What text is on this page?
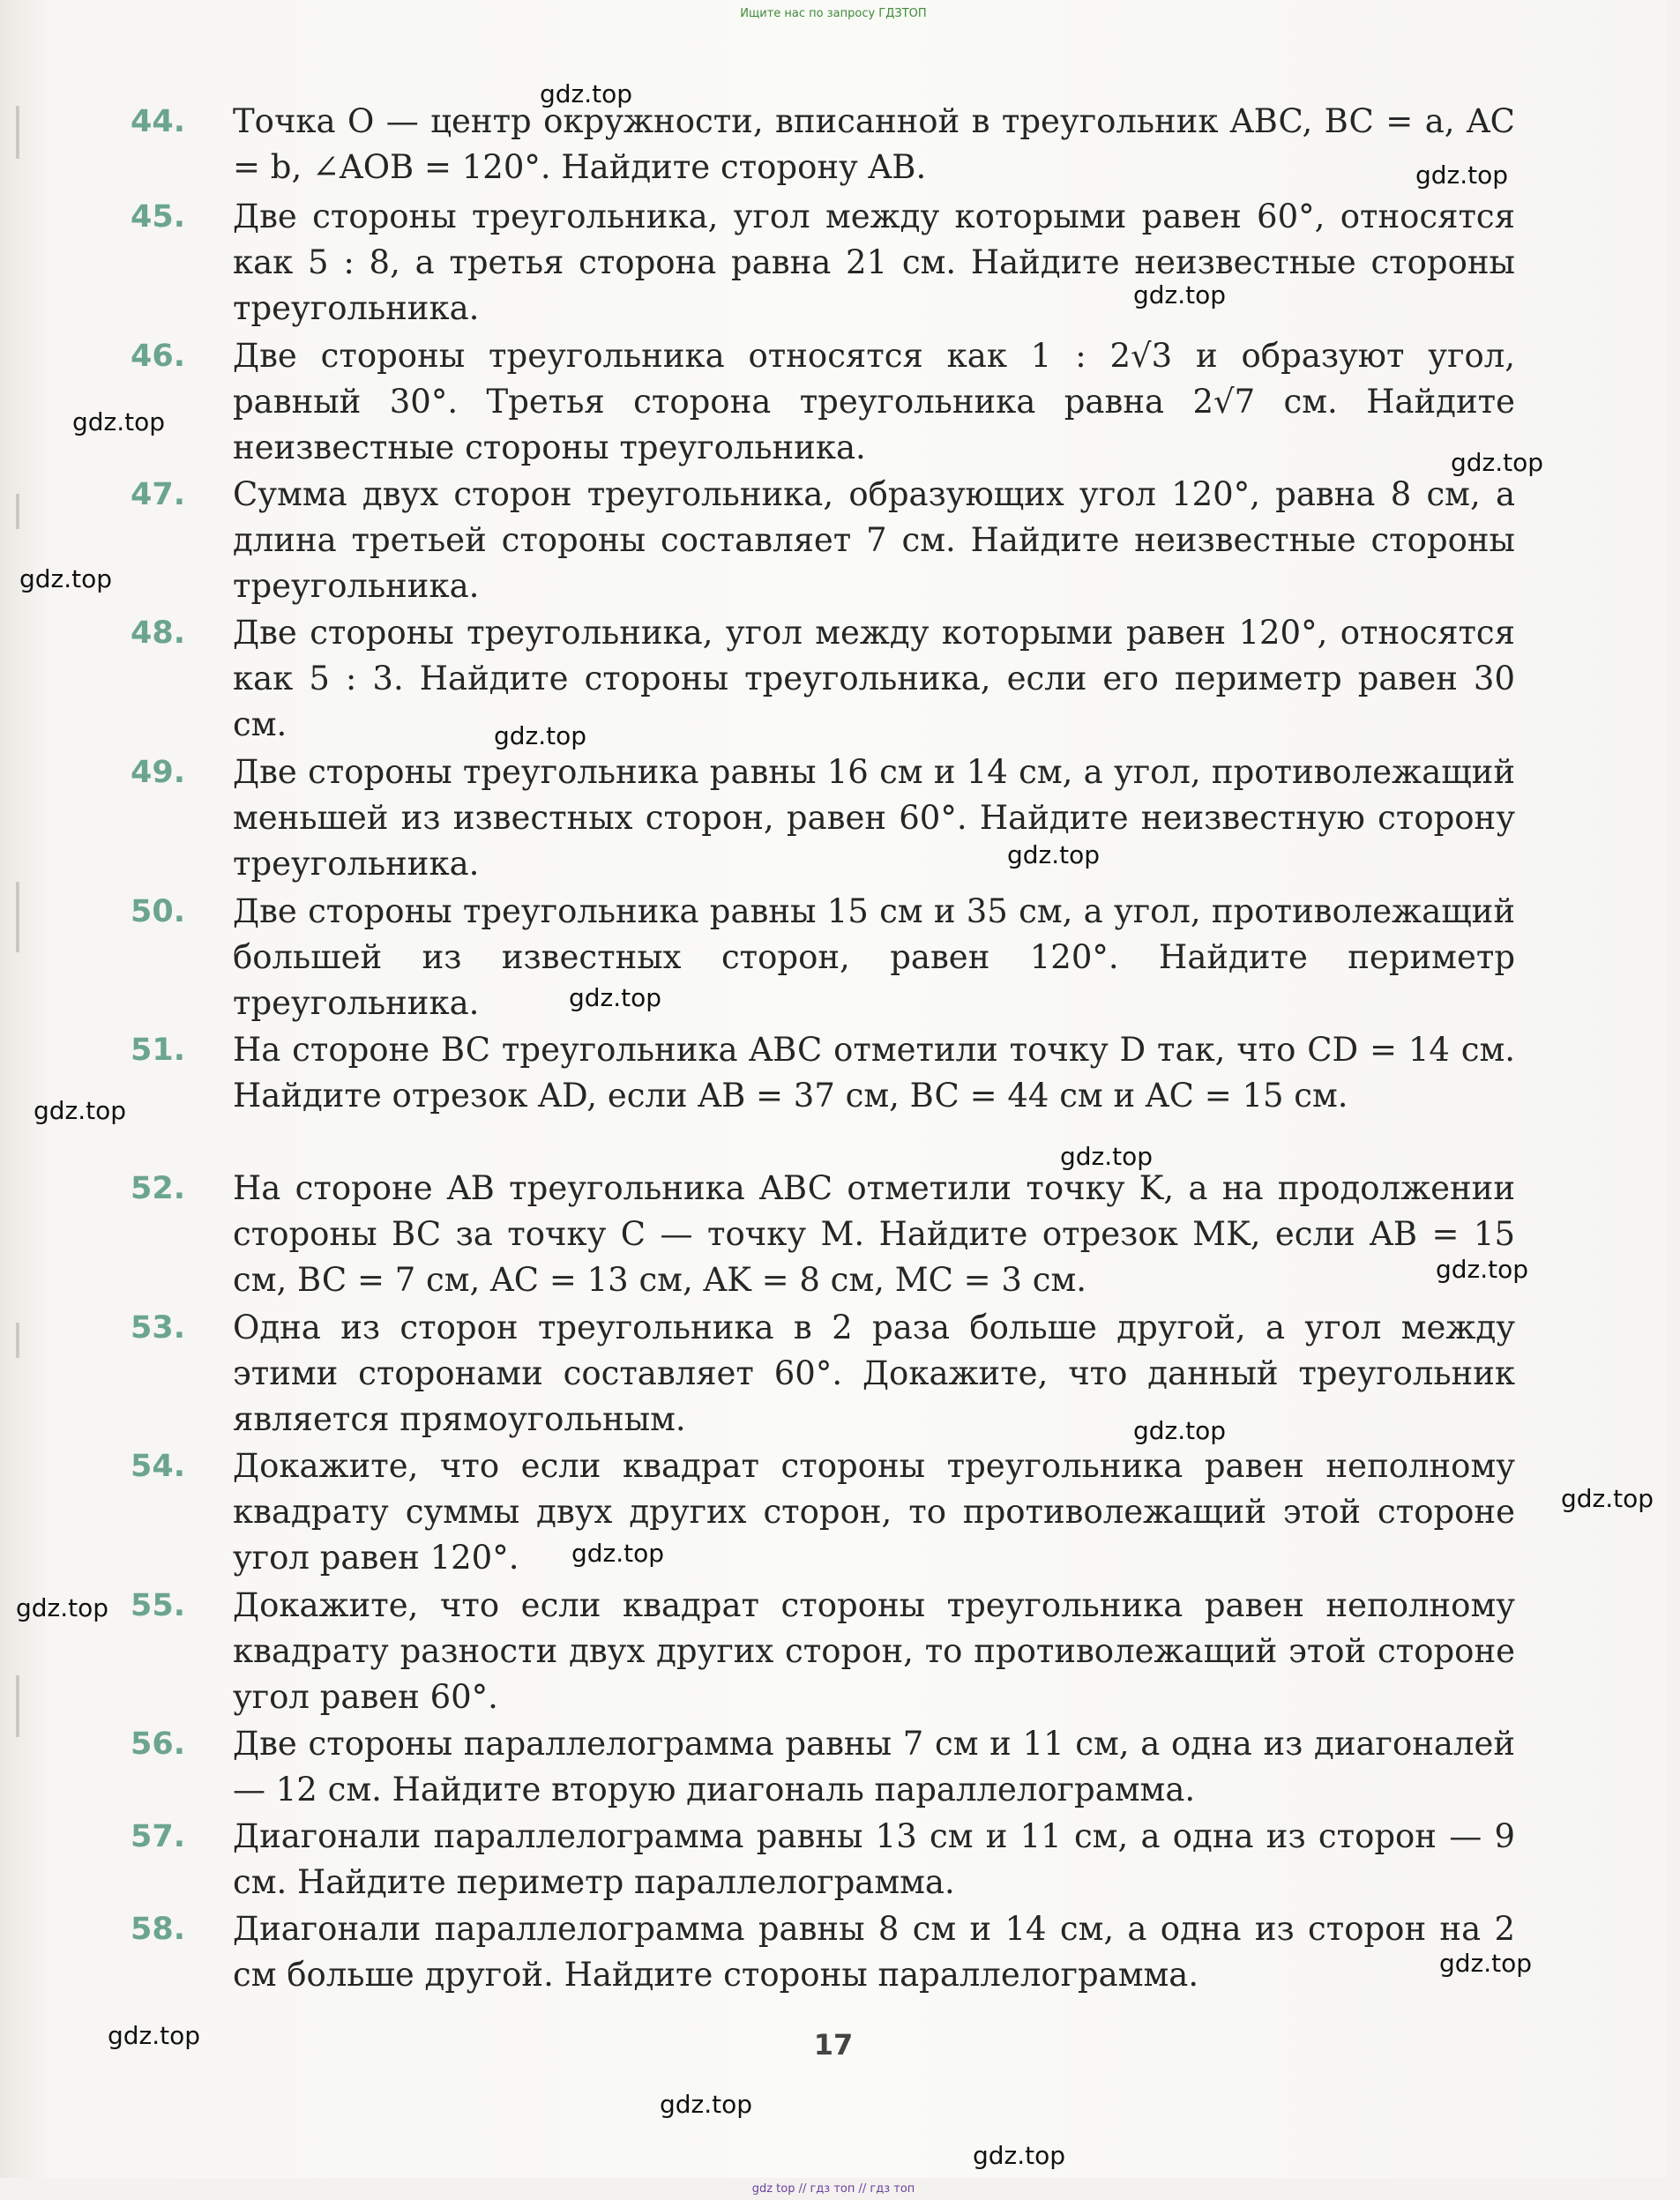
Ищите нас по запросу ГДЗТОП
44.	Точка O — центр окружности, вписанной в треугольник ABC, BC = a, AC = b, ∠AOB = 120°. Найдите сторону AB.
45.	Две стороны треугольника, угол между которыми равен 60°, относятся как 5 : 8, а третья сторона равна 21 см. Найдите неизвестные стороны треугольника.
46.	Две стороны треугольника относятся как 1 : 2√3 и образуют угол, равный 30°. Третья сторона треугольника равна 2√7 см. Найдите неизвестные стороны треугольника.
47.	Сумма двух сторон треугольника, образующих угол 120°, равна 8 см, а длина третьей стороны составляет 7 см. Найдите неизвестные стороны треугольника.
48.	Две стороны треугольника, угол между которыми равен 120°, относятся как 5 : 3. Найдите стороны треугольника, если его периметр равен 30 см.
49.	Две стороны треугольника равны 16 см и 14 см, а угол, противолежащий меньшей из известных сторон, равен 60°. Найдите неизвестную сторону треугольника.
50.	Две стороны треугольника равны 15 см и 35 см, а угол, противолежащий большей из известных сторон, равен 120°. Найдите периметр треугольника.
51.	На стороне BC треугольника ABC отметили точку D так, что CD = 14 см. Найдите отрезок AD, если AB = 37 см, BC = 44 см и AC = 15 см.
52.	На стороне AB треугольника ABC отметили точку K, а на продолжении стороны BC за точку C — точку M. Найдите отрезок MK, если AB = 15 см, BC = 7 см, AC = 13 см, AK = 8 см, MC = 3 см.
53.	Одна из сторон треугольника в 2 раза больше другой, а угол между этими сторонами составляет 60°. Докажите, что данный треугольник является прямоугольным.
54.	Докажите, что если квадрат стороны треугольника равен неполному квадрату суммы двух других сторон, то противолежащий этой стороне угол равен 120°.
55.	Докажите, что если квадрат стороны треугольника равен неполному квадрату разности двух других сторон, то противолежащий этой стороне угол равен 60°.
56.	Две стороны параллелограмма равны 7 см и 11 см, а одна из диагоналей — 12 см. Найдите вторую диагональ параллелограмма.
57.	Диагонали параллелограмма равны 13 см и 11 см, а одна из сторон — 9 см. Найдите периметр параллелограмма.
58.	Диагонали параллелограмма равны 8 см и 14 см, а одна из сторон на 2 см больше другой. Найдите стороны параллелограмма.
17
gdz.top
gdz.top
gdz.top
gdz.top
gdz.top
gdz.top
gdz.top
gdz.top
gdz.top
gdz.top
gdz.top
gdz.top
gdz.top
gdz.top
gdz.top
gdz.top
gdz.top
gdz.top
gdz.top
gdz.top
gdz top // гдз топ // гдз топ
